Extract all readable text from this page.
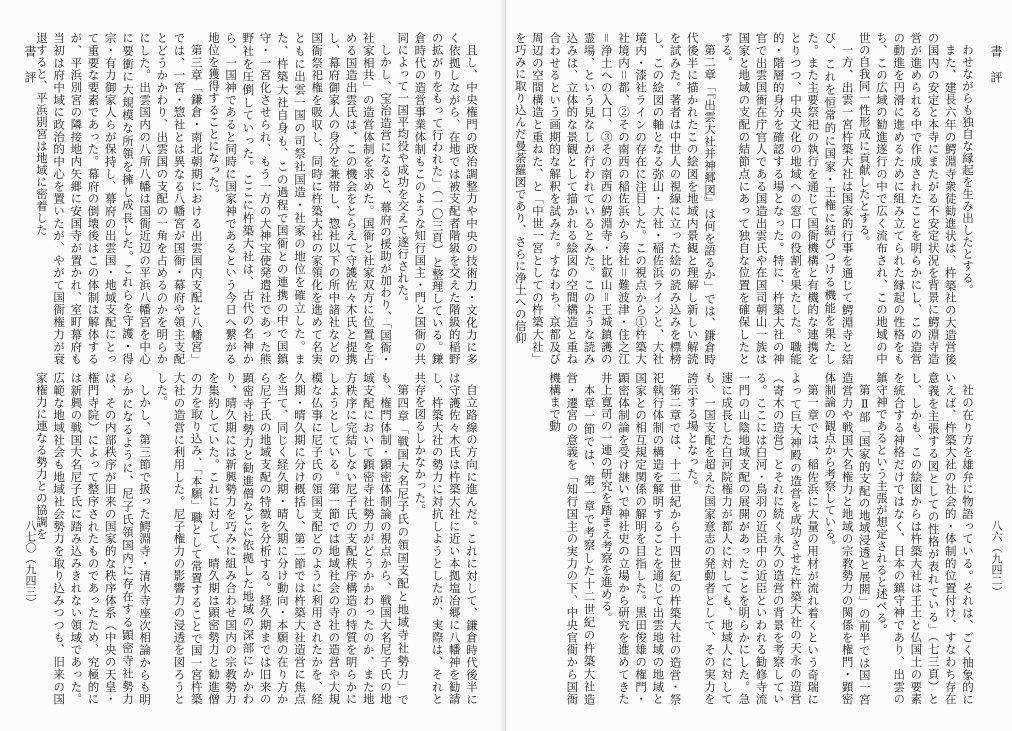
書評	且し、中央権門の政治調整力や中央の技術力・文化力に多く依拠しながら、在地では被支配者階級を交えた階級的稲野の拡がりをもって行われた」（一〇三頁）と整理している。鎌倉時代の造営事業体制もこのような知行国主・門と国衙の共同によって一国平均役や成功を交えて遂行された。

しかし、宝治造営になると、幕府の援助が加わり、「国衙・社家相共」の造営体制を求めた。国衙と社家双方に位置を占める国造出雲氏は、この機会をとらえて守護佐々木氏と提携し、幕府御家人の身分を兼帯し、惣社以下の所中諸社などの国衙祭祀権を吸収し、同時に杵築大社の家領化を進めて名実ともに出雲一国の司祭社国造・社家の地位を確立した。また、杵築大社自身も、この過程で国衙との連携の中で国鎮守・一宮化させられ、もう一方の大神宝使発遣社であった熊野社を圧倒していった。ここに杵築大社は、古代の名神から、一国神であると同時に国家神であるという今日へ繋がる地位を獲得することになった。

第三章「鎌倉・南北朝期における出雲国内支配と八幡宮」では、一宮・惣社とは異なる八幡宮が国衙・幕府や領主支配とどうかかわり、出雲国の支配の一角を占めるのかを明らかにした。出雲国内の八所八幡は国衙近辺の平浜八幡宮を中心に要衝に大規模な所領を擁し成長した。これらを守護・得宗・有力御家人らが保持し、幕府の出雲国・地域支配にとって重要な要素であった。幕府の倒壊後はこの体制は解体するが、平浜別宮の隣接地内矢郷に安国寺が置かれ、室町幕府も当初は府中域に政治的中心を置いたが、やがて国衙権力が衰退すると、平浜別宮は地域に密着した

自立路線の方向に進んだ。これに対して、鎌倉時代後半には守護佐々木氏は杵築大社に近い本拠塩冶郷に八幡神を勧請し、杵築大社の勢力に対抗しようとしたが、実際は、それと共存を図るしかなかった。

第四章「戦国大名尼子氏の領国支配と地域寺社勢力」でも、権門体制・顕密体制論の視点から、戦国大名尼子氏の地域支配において顕密寺社勢力がどうかかわったのか、また地方秩序に完結しない尼子氏の支配秩序構造の特質を明らかにしようとしている。第一節では地域社会の寺社の造営や大規模な仏事に尼子氏の領国支配どのように利用されたかを、経久期・晴久期に分け概括し、第二節では杵築大社造営に焦点を当て、同じく経久期・晴久期に分け動向・本願の在り方から尼子氏の地域支配の特徴を分析する。経久期までは旧来の顕密寺社勢力と勧進僧などに依拠した地域の深部にかかわり、晴久期には新興勢力を巧みに組み合わせ国内の宗教勢力を集約していた。これに対して、晴久期は顕密勢力と勧進僧の力を取り込み、「本願」職として常置することで国一宮杵築大社の造営に利用した。尼子権力の影響力の浸透を図ろうとした。

しかし、第三節で扱った鰐淵寺・清水寺座次相論からも明らかになるように、尼子氏領国内に存在する顕密寺社勢力は、その内部秩序が旧来の国家的な秩序体系（中央の天皇・権門寺院）によって整序されたものであったため、究極的には新興の戦国大名尼子氏に踏み込みきれない領域であった。広範な地域社会も地域社会勢力を取り込みつつも、旧来の国家権力に連なる勢力との協調を

八七〇（九四三）
書評

わせながらも独自な縁起を生み出したとする。

また、建長六年の鰐淵寺衆徒勧進状は、杵築社の大造営後の国内の安定と本寺にまたがる不安定状況を背景に鰐淵寺造営が進められる中で作成されたことを明らかにし、この造営の動進を円滑に進めるために組み立てられた縁起の性格をもち、この広域の勧進遂行の中で広く流布され、この地域の中世の自我同一性形成に貢献したとする。

一方、出雲一宮杵築大社は国家的行事を通じて鰐淵寺と結び、これを恒常的に国家・王権に結びつける機能を果たした。また主要祭祀の執行を通じて国衙機構と有機的な連携をとりつつ、中央文化の地域への窓口の役割を果たした。職能的・階層的身分を確認する場となった。特に、杵築大社の神官で出雲国衙在庁官人である国造出雲氏や在国司朝山一族は国家と地域の支配の結節点にあって独自な位置を確保したとする。

第二章「『出雲大社并神郷図』は何を語るか」では、鎌倉時代後半に描かれたこの絵図を地域内景観と理解し新しい解読を試みた。著者は中世人の視線に立った絵の読み込みを標榜し、この絵図の軸となる弥山・大社・稲佐浜ラインと、大社境内・漆社ラインの存在に注目した。この視点から①杵築大社境内＝都、②その南西の稲佐浜から湊社＝難波津・住之江＝浄土への入口、③その南西の鰐淵寺・比叡山＝王城鎮護の霊場、という見なしが行われているとみた。このような読み込みは、立体的な景観として描かれる絵図の空間構造と重ね合わせるという画期的な解釈を試みた。すなわち、京都及び周辺の空間構造と重ねた、と「中世一宮としての杵築大社」を巧みに取り込んだ曼荼羅図であり、さらに浄土への信仰

社の在り方を雄弁に物語っている。それは、ごく抽象的にいえば、杵築大社の社会的・体制的位置付け、すなわち存在意義を主張する図としての性格が表れている」（七三頁）とし、しかも、この絵図からは杵築大社は王土と仏国土の要素を統合する神格だけではなく、日本の鎮守神であり、出雲の鎮守神であるという主張が想定されると述べる。

第Ⅱ部「国家的支配の地域浸透と展開」の前半では国一宮造営力や戦国大名権力と地域の宗教勢力の関係を権門・顕密体制論の観点から考察している。

第一章では、稲佐浜に大量の用材が流れ着くという奇瑞によって巨大神殿の造営を成功させた杵築大社の天永の造営（寄木の造営）とそれに続く永久の造営の背景を考察している。ここには白河・鳥羽の近臣中の近臣といわれる勧修寺流一門の山陰地域支配の展開があったことを明らかにした。急速に成長した白河院権力が都人に対しても、地域人に対しても、一国支配を超えた国家意志の発動者として、その実力を誇示する場となった。

第二章では、十二世紀から十四世紀の杵築大社の造営・祭祀執行体制の構造を解明することを通じて出雲地域の地域と国家との相互規定関係の解明を目指した。黒田俊雄の権門・顕密体制論を受け継いで神社史の立場から研究を進めてきた井上寛司の一連の研究を踏まえ考察を進める。

本章一節では、第一章で考察した十二世紀の杵築大社造営・遷宮の意義を「知行国主の実力の下、中央官衙から国衙機構まで動

八六（九四二）
